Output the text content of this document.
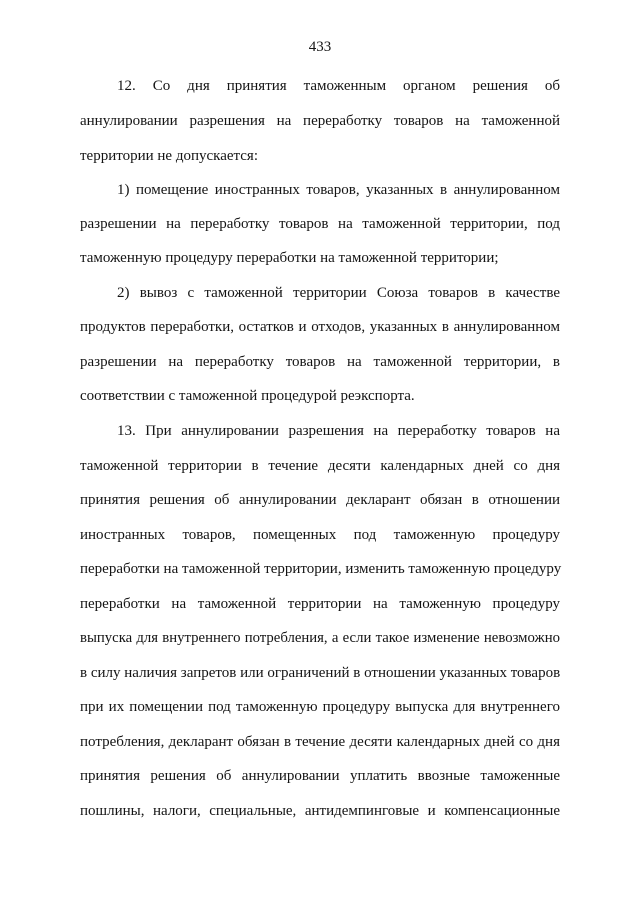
433
12. Со дня принятия таможенным органом решения об
аннулировании разрешения на переработку товаров на таможенной
территории не допускается:
1) помещение иностранных товаров, указанных в аннулированном
разрешении на переработку товаров на таможенной территории, под
таможенную процедуру переработки на таможенной территории;
2) вывоз с таможенной территории Союза товаров в качестве
продуктов переработки, остатков и отходов, указанных в аннулированном
разрешении на переработку товаров на таможенной территории, в
соответствии с таможенной процедурой реэкспорта.
13. При аннулировании разрешения на переработку товаров на
таможенной территории в течение десяти календарных дней со дня
принятия решения об аннулировании декларант обязан в отношении
иностранных товаров, помещенных под таможенную процедуру
переработки на таможенной территории, изменить таможенную процедуру
переработки на таможенной территории на таможенную процедуру
выпуска для внутреннего потребления, а если такое изменение невозможно
в силу наличия запретов или ограничений в отношении указанных товаров
при их помещении под таможенную процедуру выпуска для внутреннего
потребления, декларант обязан в течение десяти календарных дней со дня
принятия решения об аннулировании уплатить ввозные таможенные
пошлины, налоги, специальные, антидемпинговые и компенсационные
